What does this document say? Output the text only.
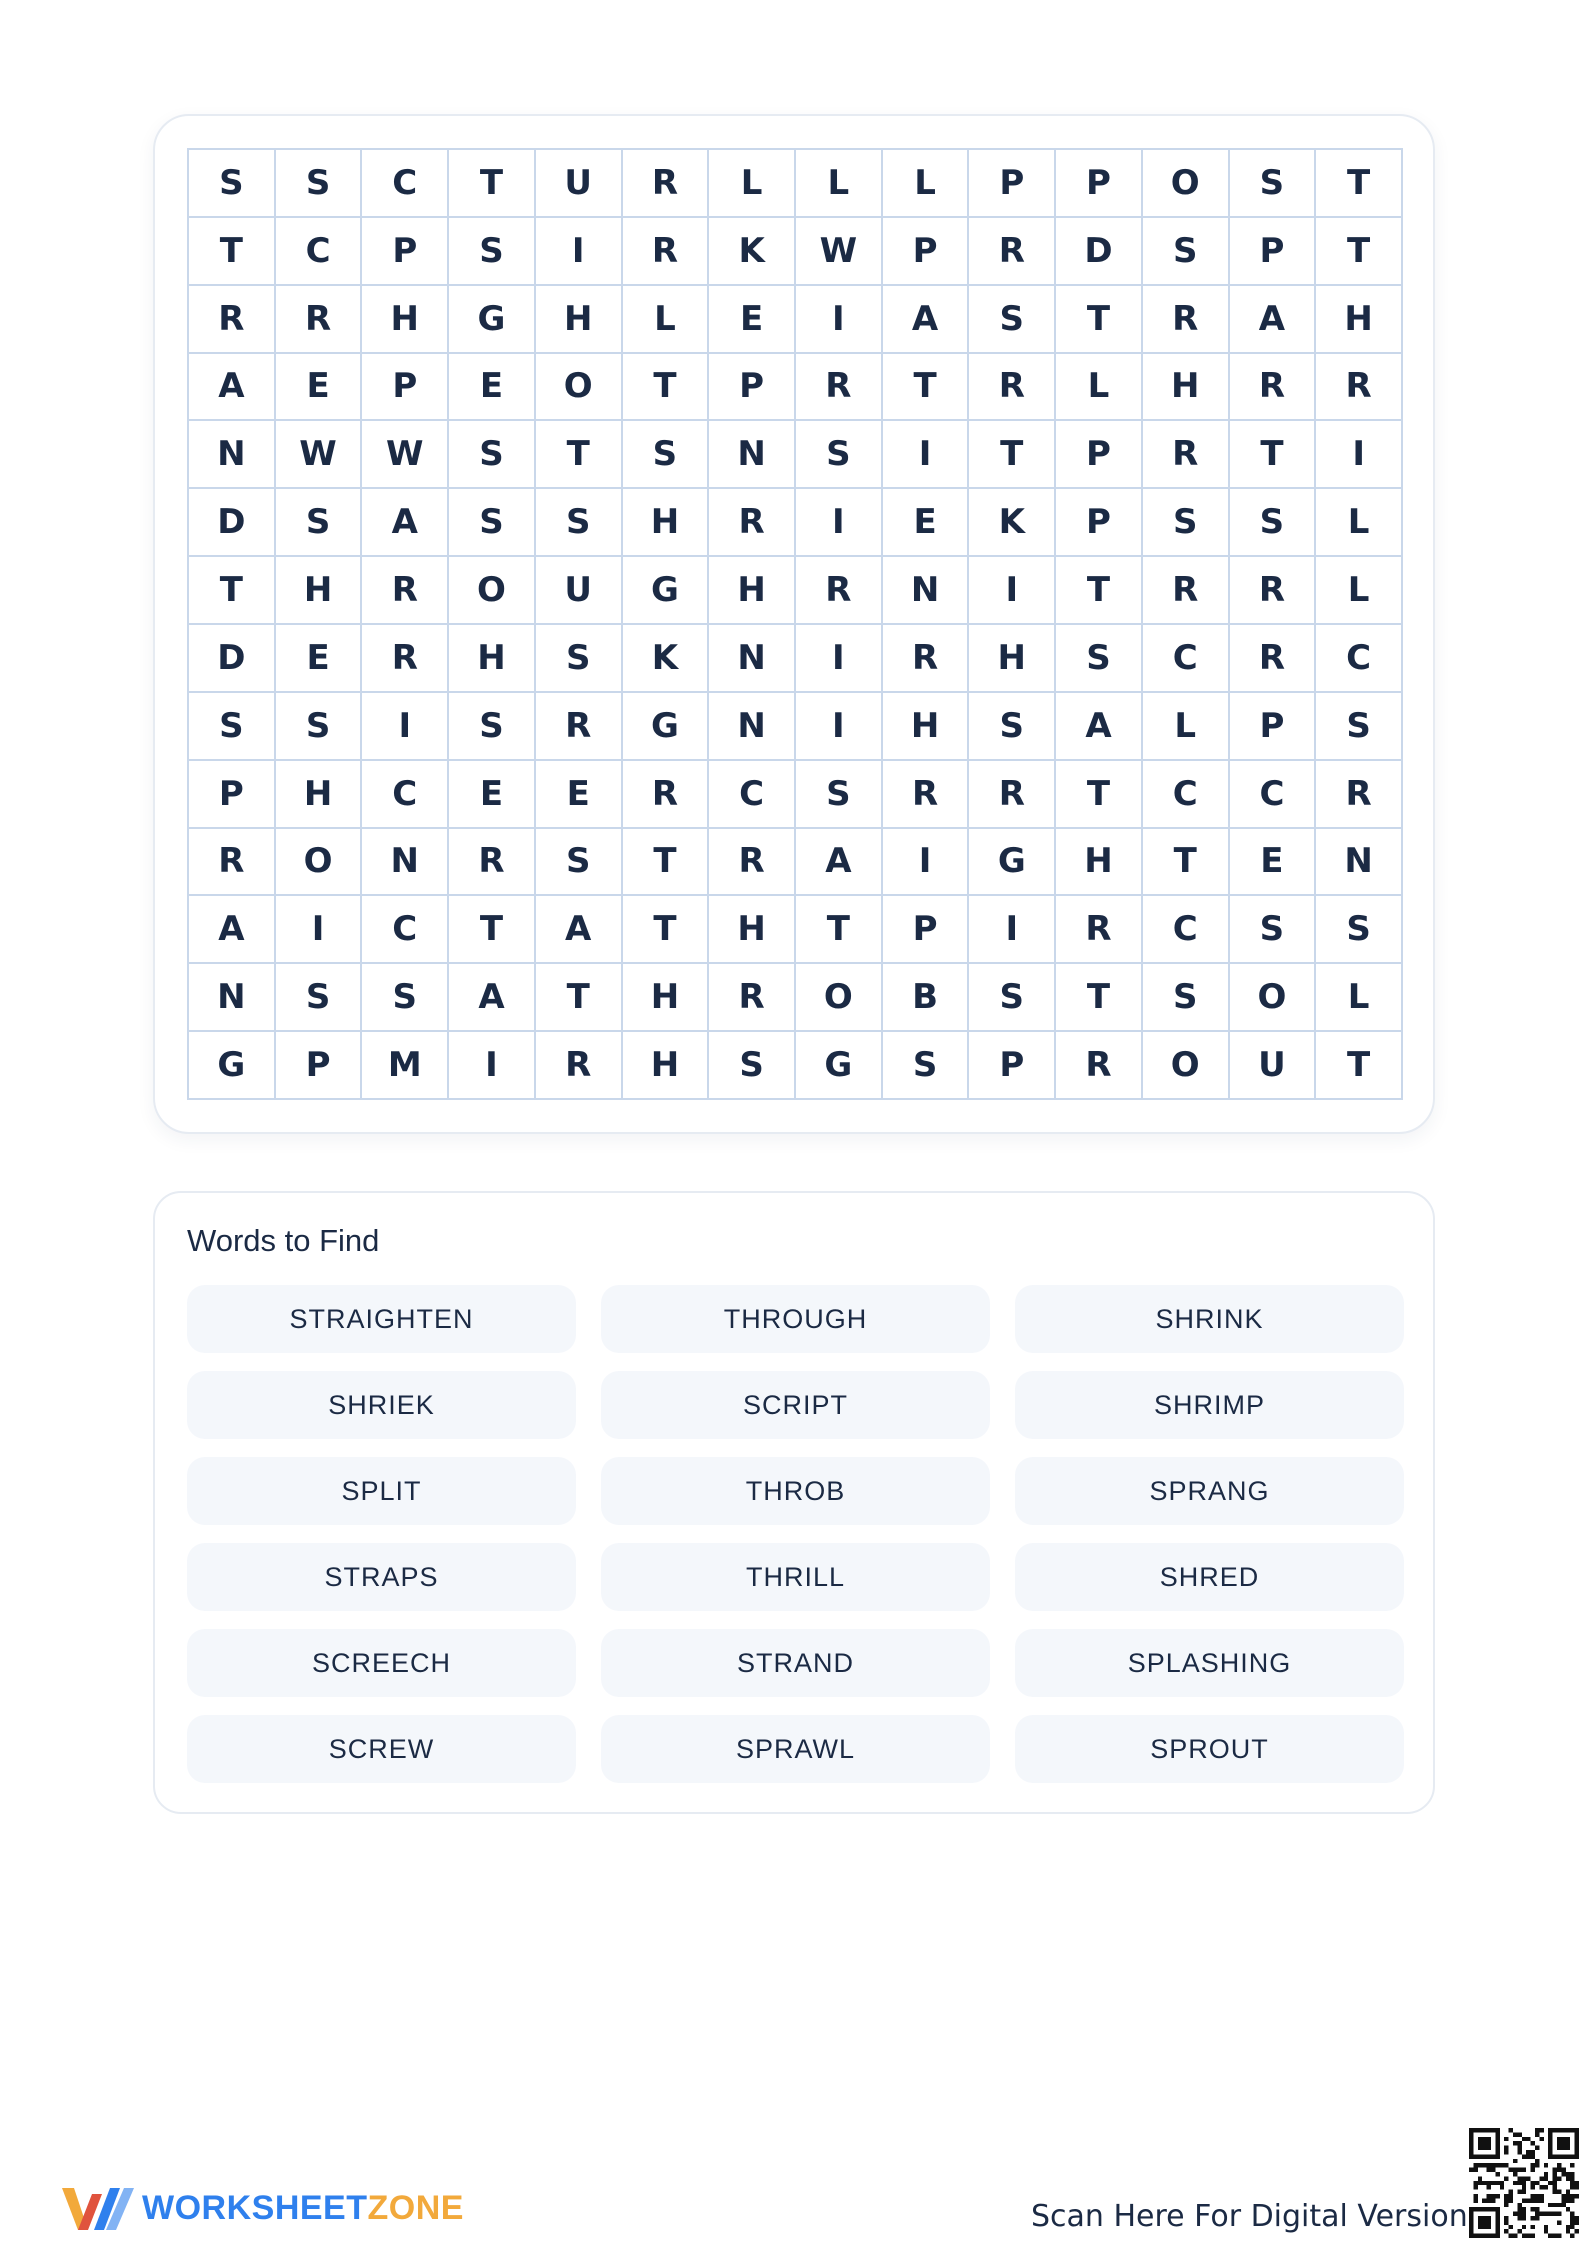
S	S	C	T	U	R	L	L	L	P	P	O	S	T
T	C	P	S	I	R	K	W	P	R	D	S	P	T
R	R	H	G	H	L	E	I	A	S	T	R	A	H
A	E	P	E	O	T	P	R	T	R	L	H	R	R
N	W	W	S	T	S	N	S	I	T	P	R	T	I
D	S	A	S	S	H	R	I	E	K	P	S	S	L
T	H	R	O	U	G	H	R	N	I	T	R	R	L
D	E	R	H	S	K	N	I	R	H	S	C	R	C
S	S	I	S	R	G	N	I	H	S	A	L	P	S
P	H	C	E	E	R	C	S	R	R	T	C	C	R
R	O	N	R	S	T	R	A	I	G	H	T	E	N
A	I	C	T	A	T	H	T	P	I	R	C	S	S
N	S	S	A	T	H	R	O	B	S	T	S	O	L
G	P	M	I	R	H	S	G	S	P	R	O	U	T
Words to Find
STRAIGHTEN	THROUGH	SHRINK
SHRIEK	SCRIPT	SHRIMP
SPLIT	THROB	SPRANG
STRAPS	THRILL	SHRED
SCREECH	STRAND	SPLASHING
SCREW	SPRAWL	SPROUT
WORKSHEETZONE	Scan Here For Digital Version
